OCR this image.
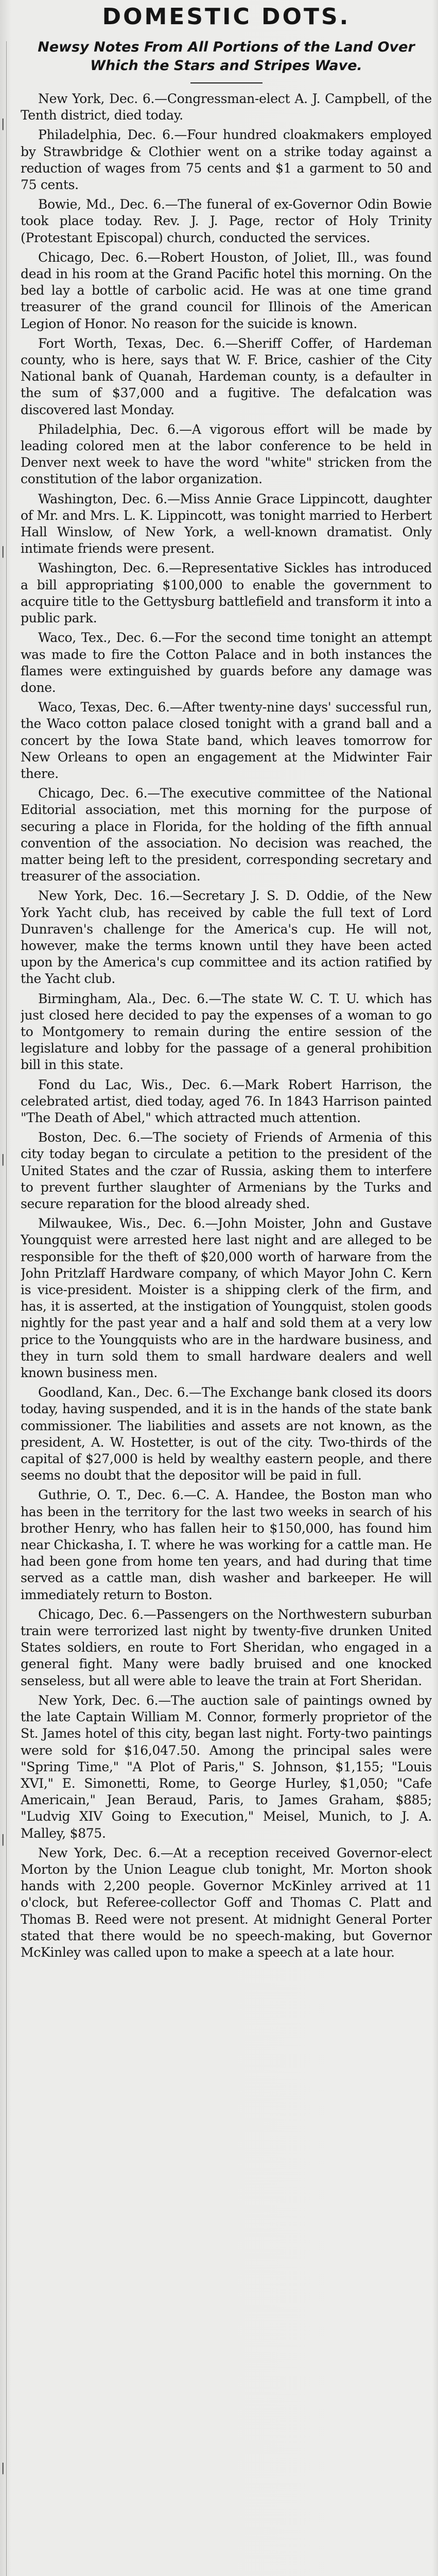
|
|
|
|
|
DOMESTIC DOTS.
Newsy Notes From All Portions of the Land Over Which the Stars and Stripes Wave.

New York, Dec. 6.—Congressman-elect A. J. Campbell, of the Tenth district, died today.

Philadelphia, Dec. 6.—Four hundred cloakmakers employed by Strawbridge & Clothier went on a strike today against a reduction of wages from 75 cents and $1 a garment to 50 and 75 cents.

Bowie, Md., Dec. 6.—The funeral of ex-Governor Odin Bowie took place today. Rev. J. J. Page, rector of Holy Trinity (Protestant Episcopal) church, conducted the services.

Chicago, Dec. 6.—Robert Houston, of Joliet, Ill., was found dead in his room at the Grand Pacific hotel this morning. On the bed lay a bottle of carbolic acid. He was at one time grand treasurer of the grand council for Illinois of the American Legion of Honor. No reason for the suicide is known.

Fort Worth, Texas, Dec. 6.—Sheriff Coffer, of Hardeman county, who is here, says that W. F. Brice, cashier of the City National bank of Quanah, Hardeman county, is a defaulter in the sum of $37,000 and a fugitive. The defalcation was discovered last Monday.

Philadelphia, Dec. 6.—A vigorous effort will be made by leading colored men at the labor conference to be held in Denver next week to have the word "white" stricken from the constitution of the labor organization.

Washington, Dec. 6.—Miss Annie Grace Lippincott, daughter of Mr. and Mrs. L. K. Lippincott, was tonight married to Herbert Hall Winslow, of New York, a well-known dramatist. Only intimate friends were present.

Washington, Dec. 6.—Representative Sickles has introduced a bill appropriating $100,000 to enable the government to acquire title to the Gettysburg battlefield and transform it into a public park.

Waco, Tex., Dec. 6.—For the second time tonight an attempt was made to fire the Cotton Palace and in both instances the flames were extinguished by guards before any damage was done.

Waco, Texas, Dec. 6.—After twenty-nine days' successful run, the Waco cotton palace closed tonight with a grand ball and a concert by the Iowa State band, which leaves tomorrow for New Orleans to open an engagement at the Midwinter Fair there.

Chicago, Dec. 6.—The executive committee of the National Editorial association, met this morning for the purpose of securing a place in Florida, for the holding of the fifth annual convention of the association. No decision was reached, the matter being left to the president, corresponding secretary and treasurer of the association.

New York, Dec. 16.—Secretary J. S. D. Oddie, of the New York Yacht club, has received by cable the full text of Lord Dunraven's challenge for the America's cup. He will not, however, make the terms known until they have been acted upon by the America's cup committee and its action ratified by the Yacht club.

Birmingham, Ala., Dec. 6.—The state W. C. T. U. which has just closed here decided to pay the expenses of a woman to go to Montgomery to remain during the entire session of the legislature and lobby for the passage of a general prohibition bill in this state.

Fond du Lac, Wis., Dec. 6.—Mark Robert Harrison, the celebrated artist, died today, aged 76. In 1843 Harrison painted "The Death of Abel," which attracted much attention.

Boston, Dec. 6.—The society of Friends of Armenia of this city today began to circulate a petition to the president of the United States and the czar of Russia, asking them to interfere to prevent further slaughter of Armenians by the Turks and secure reparation for the blood already shed.

Milwaukee, Wis., Dec. 6.—John Moister, John and Gustave Youngquist were arrested here last night and are alleged to be responsible for the theft of $20,000 worth of harware from the John Pritzlaff Hardware company, of which Mayor John C. Kern is vice-president. Moister is a shipping clerk of the firm, and has, it is asserted, at the instigation of Youngquist, stolen goods nightly for the past year and a half and sold them at a very low price to the Youngquists who are in the hardware business, and they in turn sold them to small hardware dealers and well known business men.

Goodland, Kan., Dec. 6.—The Exchange bank closed its doors today, having suspended, and it is in the hands of the state bank commissioner. The liabilities and assets are not known, as the president, A. W. Hostetter, is out of the city. Two-thirds of the capital of $27,000 is held by wealthy eastern people, and there seems no doubt that the depositor will be paid in full.

Guthrie, O. T., Dec. 6.—C. A. Handee, the Boston man who has been in the territory for the last two weeks in search of his brother Henry, who has fallen heir to $150,000, has found him near Chickasha, I. T. where he was working for a cattle man. He had been gone from home ten years, and had during that time served as a cattle man, dish washer and barkeeper. He will immediately return to Boston.

Chicago, Dec. 6.—Passengers on the Northwestern suburban train were terrorized last night by twenty-five drunken United States soldiers, en route to Fort Sheridan, who engaged in a general fight. Many were badly bruised and one knocked senseless, but all were able to leave the train at Fort Sheridan.

New York, Dec. 6.—The auction sale of paintings owned by the late Captain William M. Connor, formerly proprietor of the St. James hotel of this city, began last night. Forty-two paintings were sold for $16,047.50. Among the principal sales were "Spring Time," "A Plot of Paris," S. Johnson, $1,155; "Louis XVI," E. Simonetti, Rome, to George Hurley, $1,050; "Cafe Americain," Jean Beraud, Paris, to James Graham, $885; "Ludvig XIV Going to Execution," Meisel, Munich, to J. A. Malley, $875.

New York, Dec. 6.—At a reception received Governor-elect Morton by the Union League club tonight, Mr. Morton shook hands with 2,200 people. Governor McKinley arrived at 11 o'clock, but Referee-collector Goff and Thomas C. Platt and Thomas B. Reed were not present. At midnight General Porter stated that there would be no speech-making, but Governor McKinley was called upon to make a speech at a late hour.
